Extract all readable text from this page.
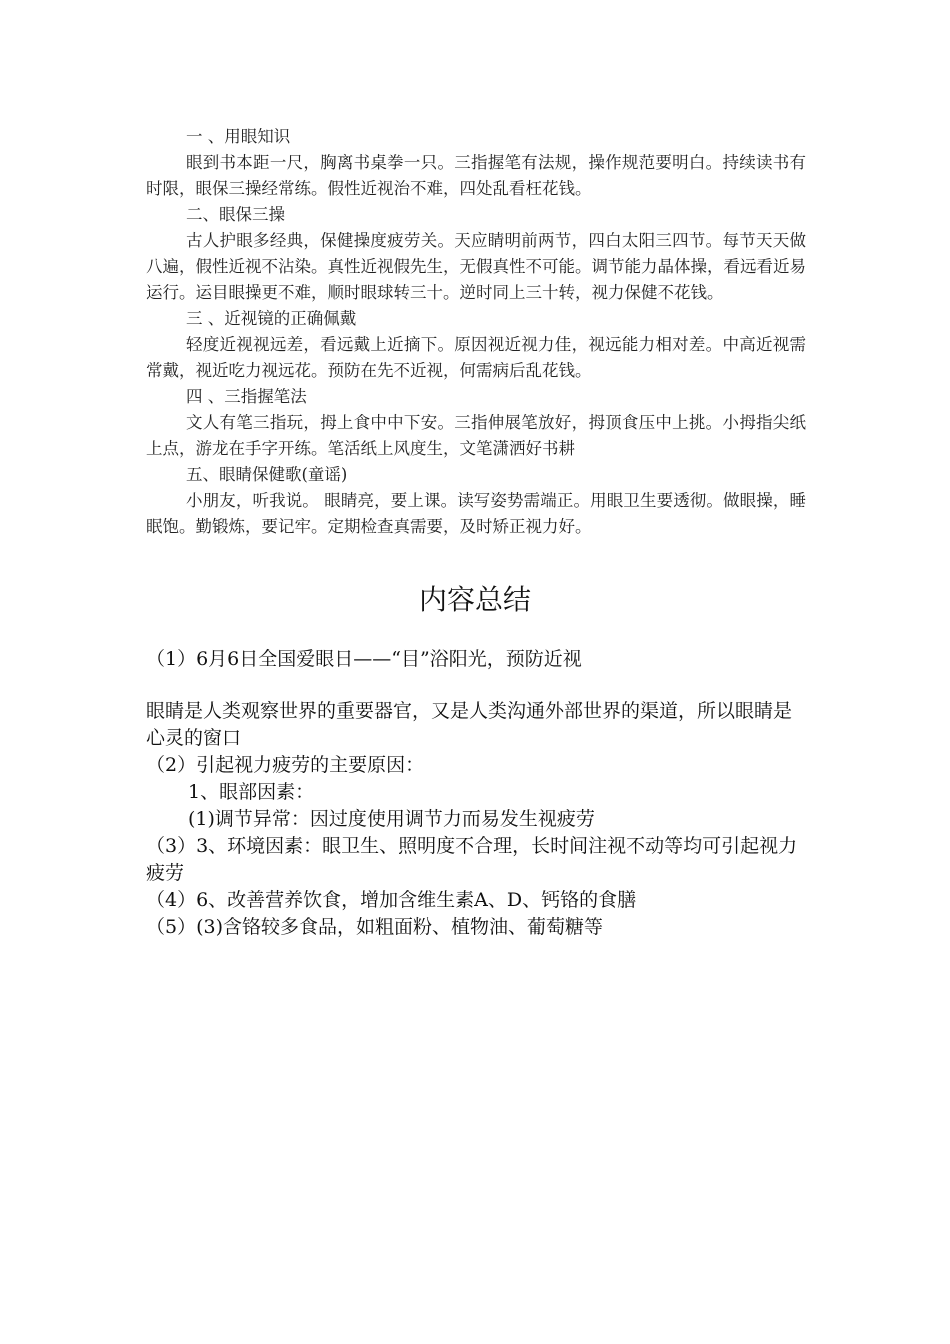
一 、用眼知识

眼到书本距一尺，胸离书桌拳一只。三指握笔有法规，操作规范要明白。持续读书有时限，眼保三操经常练。假性近视治不难，四处乱看枉花钱。

二、眼保三操

古人护眼多经典，保健操度疲劳关。天应睛明前两节，四白太阳三四节。每节天天做八遍，假性近视不沾染。真性近视假先生，无假真性不可能。调节能力晶体操，看远看近易运行。运目眼操更不难，顺时眼球转三十。逆时同上三十转，视力保健不花钱。

三 、近视镜的正确佩戴

轻度近视视远差，看远戴上近摘下。原因视近视力佳，视远能力相对差。中高近视需常戴，视近吃力视远花。预防在先不近视，何需病后乱花钱。

四 、三指握笔法

文人有笔三指玩，拇上食中中下安。三指伸展笔放好，拇顶食压中上挑。小拇指尖纸上点，游龙在手字开练。笔活纸上风度生，文笔潇洒好书耕

五、眼睛保健歌(童谣)

小朋友，听我说。 眼睛亮，要上课。读写姿势需端正。用眼卫生要透彻。做眼操，睡眠饱。勤锻炼，要记牢。定期检查真需要，及时矫正视力好。

内容总结

（1）6月6日全国爱眼日——“目”浴阳光，预防近视

眼睛是人类观察世界的重要器官，又是人类沟通外部世界的渠道，所以眼睛是心灵的窗口

（2）引起视力疲劳的主要原因：

1、眼部因素：

(1)调节异常：因过度使用调节力而易发生视疲劳

（3）3、环境因素：眼卫生、照明度不合理，长时间注视不动等均可引起视力疲劳

（4）6、改善营养饮食，增加含维生素A、D、钙铬的食膳

（5）(3)含铬较多食品，如粗面粉、植物油、葡萄糖等
